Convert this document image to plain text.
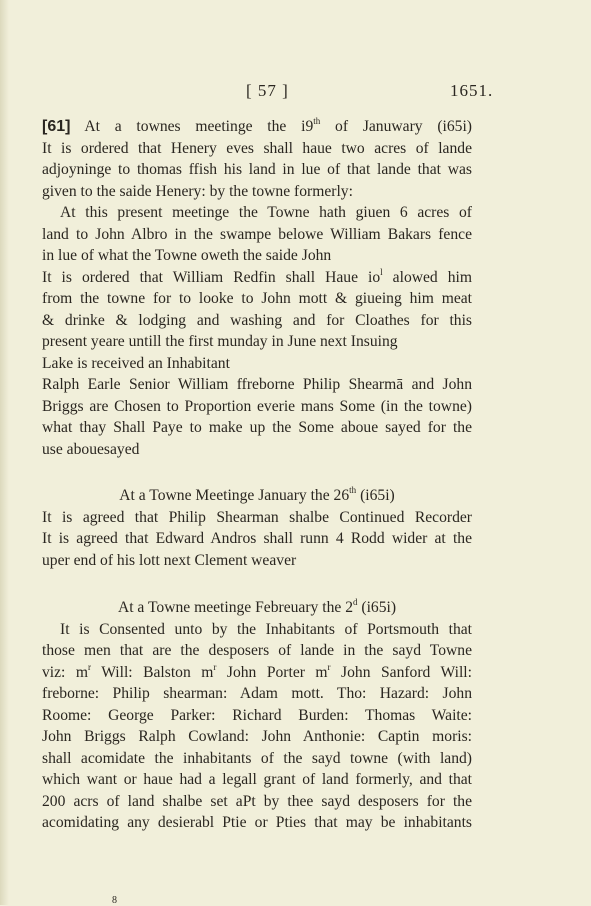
[ 57 ]	1651.

[61] At a townes meetinge the i9th of Januwary (i65i)

It is ordered that Henery eves shall haue two acres of lande

adjoyninge to thomas ffish his land in lue of that lande that was

given to the saide Henery: by the towne formerly:

At this present meetinge the Towne hath giuen 6 acres of

land to John Albro in the swampe belowe William Bakars fence

in lue of what the Towne oweth the saide John

It is ordered that William Redfin shall Haue $io^l$ alowed him

from the towne for to looke to John mott & giueing him meat

& drinke & lodging and washing and for Cloathes for this

present yeare untill the first munday in June next Insuing

Lake is received an Inhabitant

Ralph Earle Senior William ffreborne Philip Shearmā and John

Briggs are Chosen to Proportion everie mans Some (in the towne)

what thay Shall Paye to make up the Some aboue sayed for the

use abouesayed

At a Towne Meetinge January the 26th (i65i)

It is agreed that Philip Shearman shalbe Continued Recorder

It is agreed that Edward Andros shall runn 4 Rodd wider at the

uper end of his lott next Clement weaver

At a Towne meetinge Febreuary the 2$^d$ (i65i)

It is Consented unto by the Inhabitants of Portsmouth that

those men that are the desposers of lande in the sayd Towne

viz: $m^r$ Will: Balston $m^r$ John Porter $m^r$ John Sanford Will:

freborne: Philip shearman: Adam mott. Tho: Hazard: John

Roome: George Parker: Richard Burden: Thomas Waite:

John Briggs Ralph Cowland: John Anthonie: Captin moris:

shall acomidate the inhabitants of the sayd towne (with land)

which want or haue had a legall grant of land formerly, and that

200 acrs of land shalbe set aPt by thee sayd desposers for the

acomidating any desierabl Ptie or Pties that may be inhabitants

8
